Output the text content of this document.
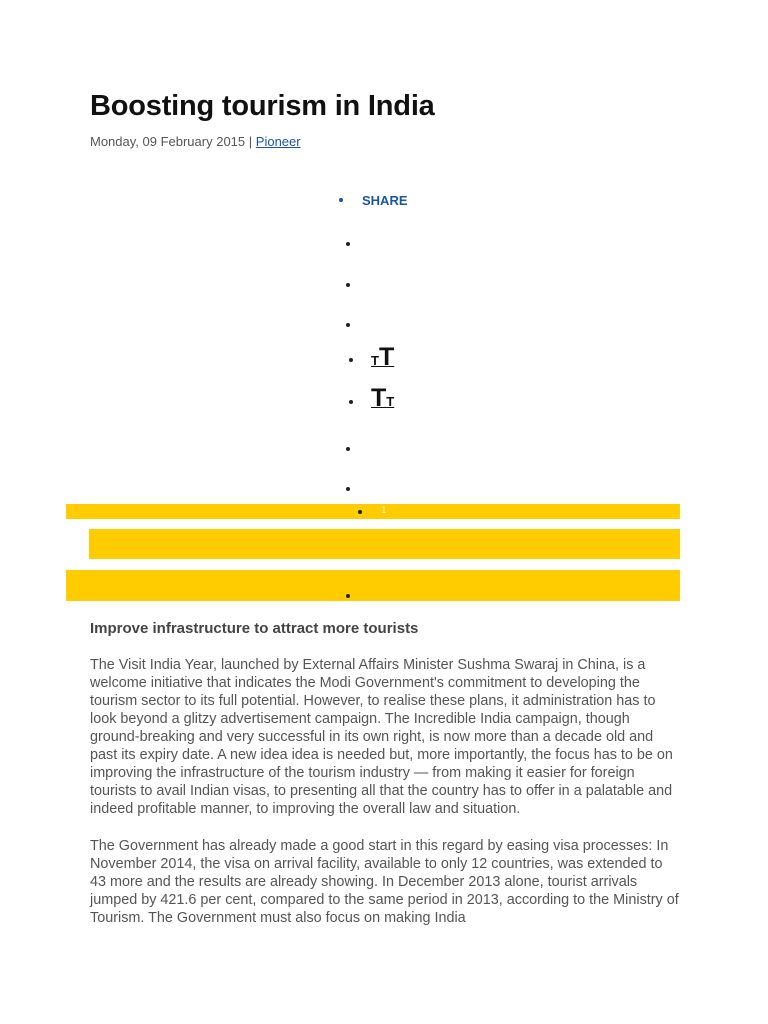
Boosting tourism in India
Monday, 09 February 2015 | Pioneer
SHARE
TT
TT
1
Improve infrastructure to attract more tourists

The Visit India Year, launched by External Affairs Minister Sushma Swaraj in China, is a welcome initiative that indicates the Modi Government's commitment to developing the tourism sector to its full potential. However, to realise these plans, it administration has to look beyond a glitzy advertisement campaign. The Incredible India campaign, though ground-breaking and very successful in its own right, is now more than a decade old and past its expiry date. A new idea idea is needed but, more importantly, the focus has to be on improving the infrastructure of the tourism industry — from making it easier for foreign tourists to avail Indian visas, to presenting all that the country has to offer in a palatable and indeed profitable manner, to improving the overall law and situation.

The Government has already made a good start in this regard by easing visa processes: In November 2014, the visa on arrival facility, available to only 12 countries, was extended to 43 more and the results are already showing. In December 2013 alone, tourist arrivals jumped by 421.6 per cent, compared to the same period in 2013, according to the Ministry of Tourism. The Government must also focus on making India
